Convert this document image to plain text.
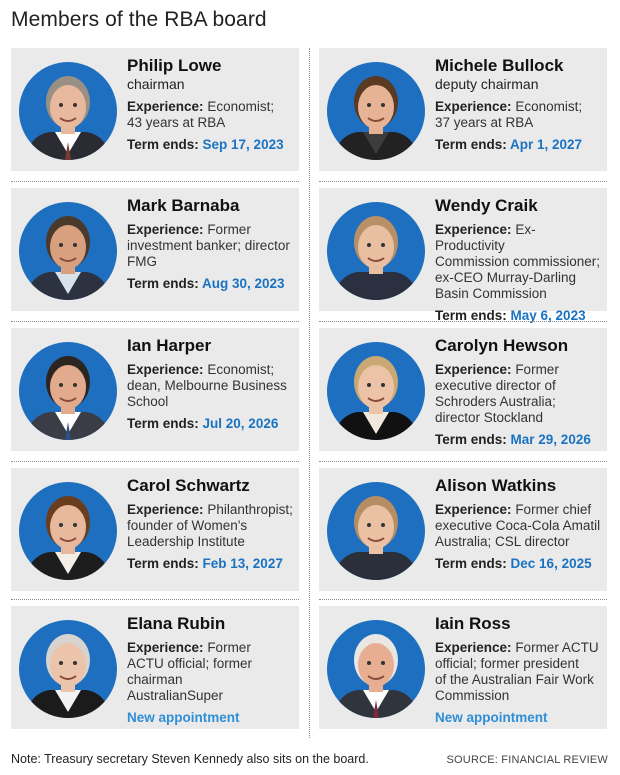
Members of the RBA board
Philip Lowe
chairman
Experience: Economist;
43 years at RBA
Term ends: Sep 17, 2023
Michele Bullock
deputy chairman
Experience: Economist;
37 years at RBA
Term ends: Apr 1, 2027
Mark Barnaba
Experience: Former
investment banker; director
FMG
Term ends: Aug 30, 2023
Wendy Craik
Experience: Ex-Productivity
Commission commissioner;
ex-CEO Murray-Darling
Basin Commission
Term ends: May 6, 2023
Ian Harper
Experience: Economist;
dean, Melbourne Business
School
Term ends: Jul 20, 2026
Carolyn Hewson
Experience: Former
executive director of
Schroders Australia;
director Stockland
Term ends: Mar 29, 2026
Carol Schwartz
Experience: Philanthropist;
founder of Women's
Leadership Institute
Term ends: Feb 13, 2027
Alison Watkins
Experience: Former chief
executive Coca-Cola Amatil
Australia; CSL director
Term ends: Dec 16, 2025
Elana Rubin
Experience: Former
ACTU official; former
chairman
AustralianSuper
New appointment
Iain Ross
Experience: Former ACTU
official; former president
of the Australian Fair Work
Commission
New appointment
Note: Treasury secretary Steven Kennedy also sits on the board.	SOURCE: FINANCIAL REVIEW
